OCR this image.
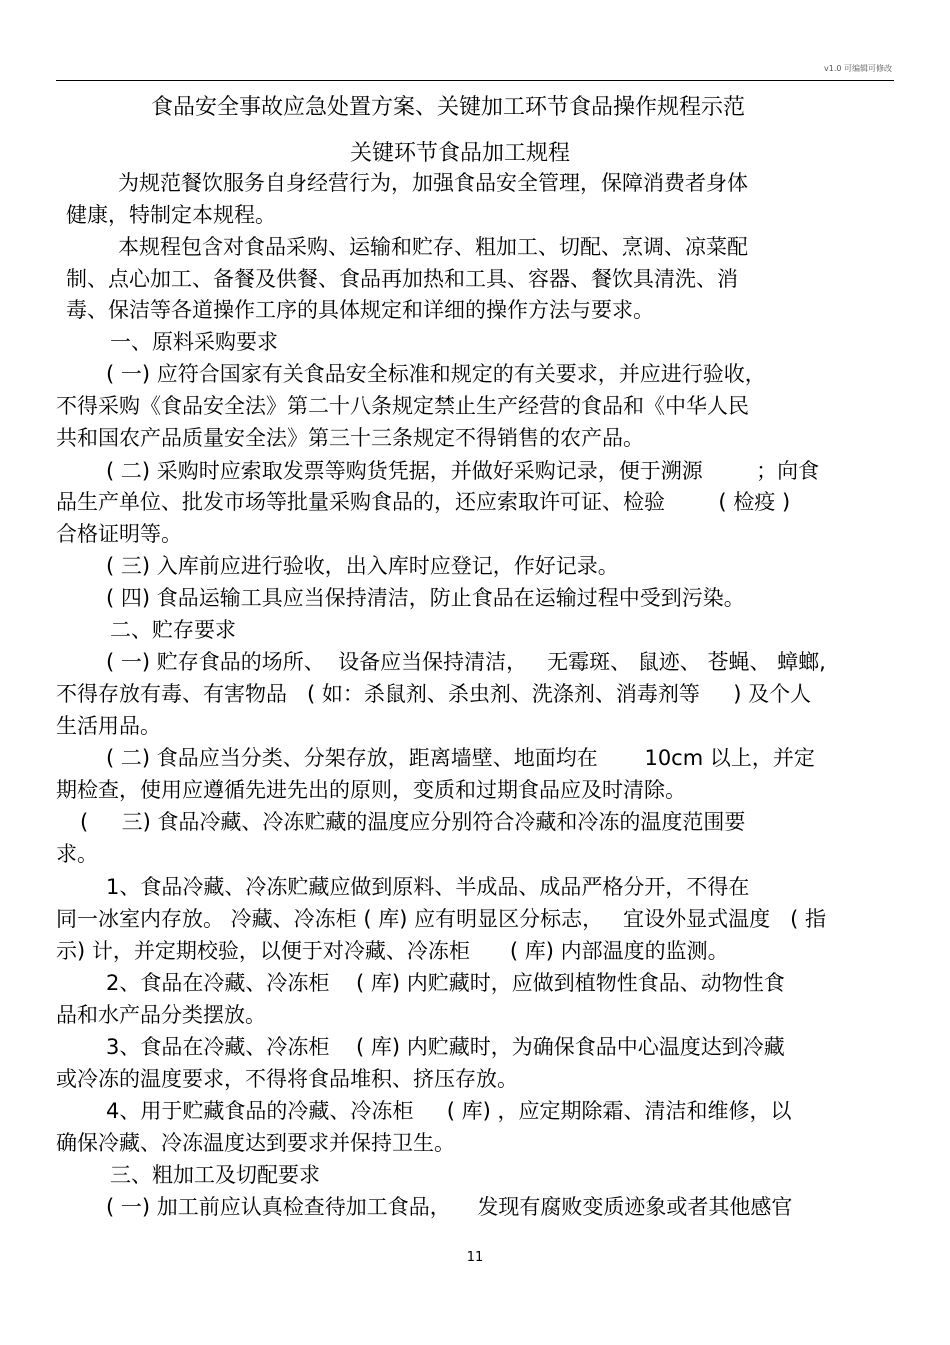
v1.0 可编辑可修改
食品安全事故应急处置方案、关键加工环节食品操作规程示范
关键环节食品加工规程
为规范餐饮服务自身经营行为，加强食品安全管理，保障消费者身体
健康，特制定本规程。
本规程包含对食品采购、运输和贮存、粗加工、切配、烹调、凉菜配
制、点心加工、备餐及供餐、食品再加热和工具、容器、餐饮具清洗、消
毒、保洁等各道操作工序的具体规定和详细的操作方法与要求。
一、原料采购要求
( 一) 应符合国家有关食品安全标准和规定的有关要求，并应进行验收，
不得采购《食品安全法》第二十八条规定禁止生产经营的食品和《中华人民
共和国农产品质量安全法》第三十三条规定不得销售的农产品。
( 二) 采购时应索取发票等购货凭据，并做好采购记录，便于溯源        ；向食
品生产单位、批发市场等批量采购食品的，还应索取许可证、检验        ( 检疫 )
合格证明等。
( 三) 入库前应进行验收，出入库时应登记，作好记录。
( 四) 食品运输工具应当保持清洁，防止食品在运输过程中受到污染。
二、贮存要求
( 一) 贮存食品的场所、  设备应当保持清洁，   无霉斑、 鼠迹、 苍蝇、 蟑螂,
不得存放有毒、有害物品   ( 如：杀鼠剂、杀虫剂、洗涤剂、消毒剂等     ) 及个人
生活用品。
( 二) 食品应当分类、分架存放，距离墙壁、地面均在       10cm 以上，并定
期检查，使用应遵循先进先出的原则，变质和过期食品应及时清除。
(     三) 食品冷藏、冷冻贮藏的温度应分别符合冷藏和冷冻的温度范围要
求。
1、食品冷藏、冷冻贮藏应做到原料、半成品、成品严格分开，不得在
同一冰室内存放。 冷藏、冷冻柜 ( 库) 应有明显区分标志，   宜设外显式温度   ( 指
示) 计，并定期校验，以便于对冷藏、冷冻柜      ( 库) 内部温度的监测。
2、食品在冷藏、冷冻柜    ( 库) 内贮藏时，应做到植物性食品、动物性食
品和水产品分类摆放。
3、食品在冷藏、冷冻柜    ( 库) 内贮藏时，为确保食品中心温度达到冷藏
或冷冻的温度要求，不得将食品堆积、挤压存放。
4、用于贮藏食品的冷藏、冷冻柜     ( 库) ，应定期除霜、清洁和维修，以
确保冷藏、冷冻温度达到要求并保持卫生。
三、粗加工及切配要求
( 一) 加工前应认真检查待加工食品，    发现有腐败变质迹象或者其他感官
11
